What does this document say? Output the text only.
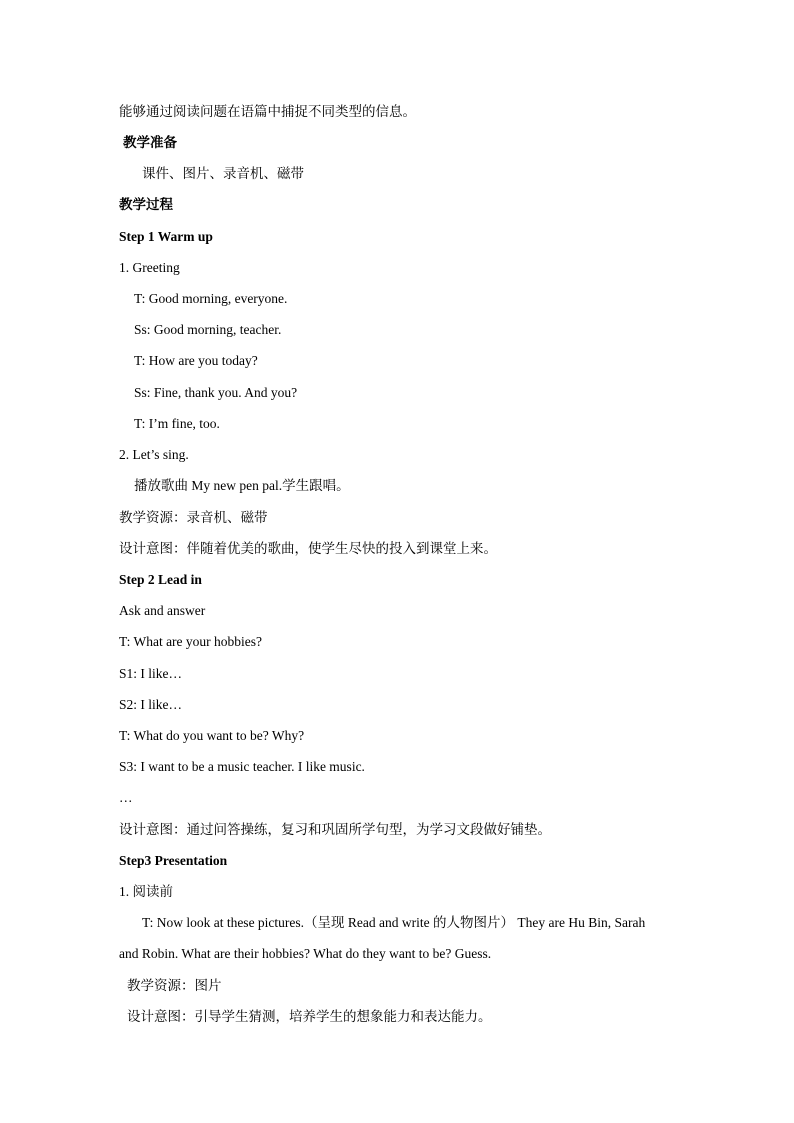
能够通过阅读问题在语篇中捕捉不同类型的信息。
教学准备
课件、图片、录音机、磁带
教学过程
Step 1 Warm up
1. Greeting
T: Good morning, everyone.
Ss: Good morning, teacher.
T: How are you today?
Ss: Fine, thank you. And you?
T: I’m fine, too.
2. Let’s sing.
播放歌曲 My new pen pal.学生跟唱。
教学资源：录音机、磁带
设计意图：伴随着优美的歌曲，使学生尽快的投入到课堂上来。
Step 2 Lead in
Ask and answer
T: What are your hobbies?
S1: I like…
S2: I like…
T: What do you want to be? Why?
S3: I want to be a music teacher. I like music.
…
设计意图：通过问答操练，复习和巩固所学句型，为学习文段做好铺垫。
Step3 Presentation
1. 阅读前
T: Now look at these pictures.（呈现 Read and write 的人物图片） They are Hu Bin, Sarah
and Robin. What are their hobbies? What do they want to be? Guess.
教学资源：图片
设计意图：引导学生猜测，培养学生的想象能力和表达能力。
